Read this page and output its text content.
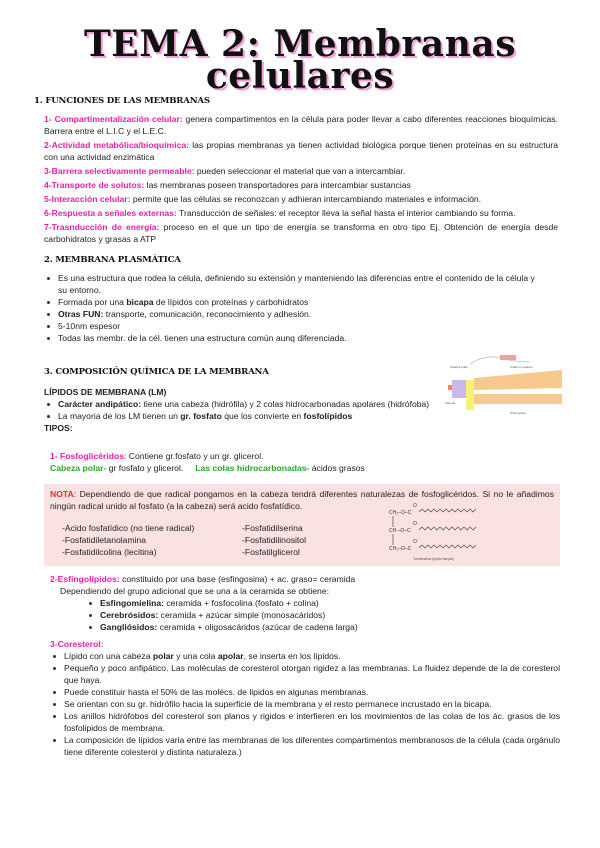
TEMA 2: Membranas
celulares
1. FUNCIONES DE LAS MEMBRANAS

1- Compartimentalización celular: genera compartimentos en la célula para poder llevar a cabo diferentes reacciones bioquímicas. Barrera entre el L.I.C y el L.E.C.

2-Actividad metabólica/bioquímica: las propias membranas ya tienen actividad biológica porque tienen proteínas en su estructura con una actividad enzimática

3-Barrera selectivamente permeable: pueden seleccionar el material que van a intercambiar.

4-Transporte de solutos: las membranas poseen transportadores para intercambiar sustancias

5-Interacción celular: permite que las células se reconozcan y adhieran intercambiando materiales e información.

6-Respuesta a señales externas: Transducción de señales: el receptor lleva la señal hasta el interior cambiando su forma.

7-Trasnducción de energía: proceso en el que un tipo de energía se transforma en otro tipo Ej. Obtención de energía desde carbohidratos y grasas a ATP

2. MEMBRANA PLASMÁTICA
Es una estructura que rodea la célula, definiendo su extensión y manteniendo las diferencias entre el contenido de la célula y su entorno.
Formada por una bicapa de lípidos con proteínas y carbohidratos
Otras FUN: transporte, comunicación, reconocimiento y adhesión.
5-10nm espesor
Todas las membr. de la cél. tienen una estructura común aunq diferenciada.
3. COMPOSICIÓN QUÍMICA DE LA MEMBRANA	Cabeza polar	Colas no polares
Glicerol
Ácido graso
LÍPIDOS DE MEMBRANA (LM)
Carácter andipático: tiene una cabeza (hidrófila) y 2 colas hidrocarbonadas apolares (hidrófoba)
La mayoria de los LM tienen un gr. fosfato que los convierte en fosfolípidos
TIPOS:
1- Fosfoglicéridos: Contiene gr.fosfato y un gr. glicerol.
Cabeza polar- gr fosfato y glicerol. Las colas hidrocarbonadas- ácidos grasos

NOTA: Dependiendo de que radical pongamos en la cabeza tendrá diferentes naturalezas de fosfoglicéridos. Si no le añadimos ningún radical unido al fosfato (a la cabeza) será acido fosfatídico.

-Acido fosfatídico (no tiene radical)	-Fosfatidilserina
-Fosfatidiletanolamina	-Fosfatidilinositol
-Fosfatidilcolina (lecitina)	-Fosfatilglicerol
CH₂–O–C
CH –O–C
CH₂–O–C
O
O
O
Triestearina (lípido simple)
2-Esfingolípidos: constituido por una base (esfingosina) + ac. graso= ceramida
Dependiendo del grupo adicional que se una a la ceramida se obtiene:
Esfingomielina: ceramida + fosfocolina (fosfato + colina)
Cerebrósidos: ceramida + azúcar simple (monosacáridos)
Gangliósidos: ceramida + oligosacáridos (azúcar de cadena larga)
3-Coresterol:
Lípido con una cabeza polar y una cola apolar, se inserta en los lípidos.

Pequeño y poco anfipático. Las moléculas de coresterol otorgan rigidez a las membranas. La fluidez depende de la de coresterol que haya.

Puede constituir hasta el 50% de las molécs. de lipidos en algunas membranas.
Se orientan con su gr. hidrófilo hacia la superficie de la membrana y el resto permanece incrustado en la bicapa.

Los anillos hidrófobos del coresterol son planos y rigidos e interfieren en los movimientos de las colas de los ác. grasos de los fosfolipidos de membrana.

La composición de lípidos varia entre las membranas de los diferentes compartimentos membranosos de la célula (cada orgánulo tiene diferente colesterol y distinta naturaleza.)
